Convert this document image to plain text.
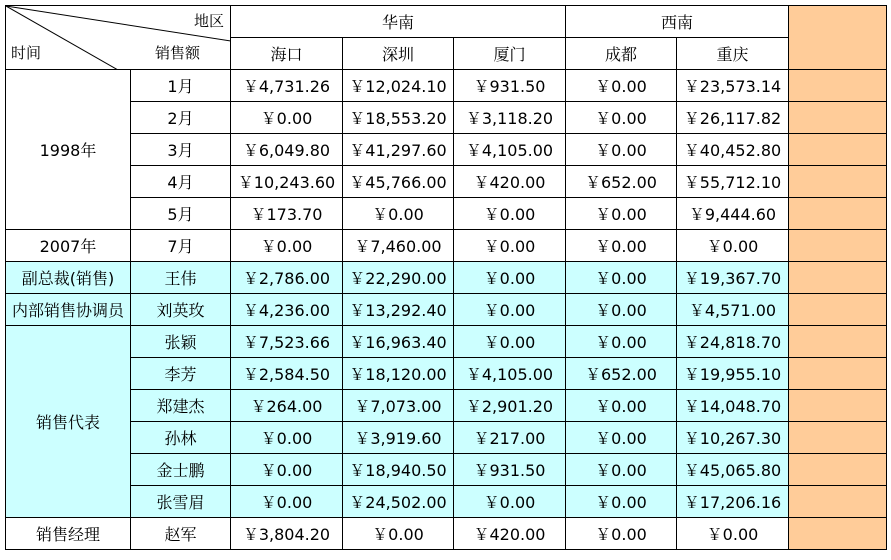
地区
销售额
时间		华南			西南		
		海口	深圳	厦门	成都	重庆	
1998年	1月	￥4,731.26	￥12,024.10	￥931.50	￥0.00	￥23,573.14	
	2月	￥0.00	￥18,553.20	￥3,118.20	￥0.00	￥26,117.82	
	3月	￥6,049.80	￥41,297.60	￥4,105.00	￥0.00	￥40,452.80	
	4月	￥10,243.60	￥45,766.00	￥420.00	￥652.00	￥55,712.10	
	5月	￥173.70	￥0.00	￥0.00	￥0.00	￥9,444.60	
2007年	7月	￥0.00	￥7,460.00	￥0.00	￥0.00	￥0.00	
副总裁(销售)	王伟	￥2,786.00	￥22,290.00	￥0.00	￥0.00	￥19,367.70	
内部销售协调员	刘英玫	￥4,236.00	￥13,292.40	￥0.00	￥0.00	￥4,571.00	
销售代表	张颖	￥7,523.66	￥16,963.40	￥0.00	￥0.00	￥24,818.70	
	李芳	￥2,584.50	￥18,120.00	￥4,105.00	￥652.00	￥19,955.10	
	郑建杰	￥264.00	￥7,073.00	￥2,901.20	￥0.00	￥14,048.70	
	孙林	￥0.00	￥3,919.60	￥217.00	￥0.00	￥10,267.30	
	金士鹏	￥0.00	￥18,940.50	￥931.50	￥0.00	￥45,065.80	
	张雪眉	￥0.00	￥24,502.00	￥0.00	￥0.00	￥17,206.16	
销售经理	赵军	￥3,804.20	￥0.00	￥420.00	￥0.00	￥0.00	
